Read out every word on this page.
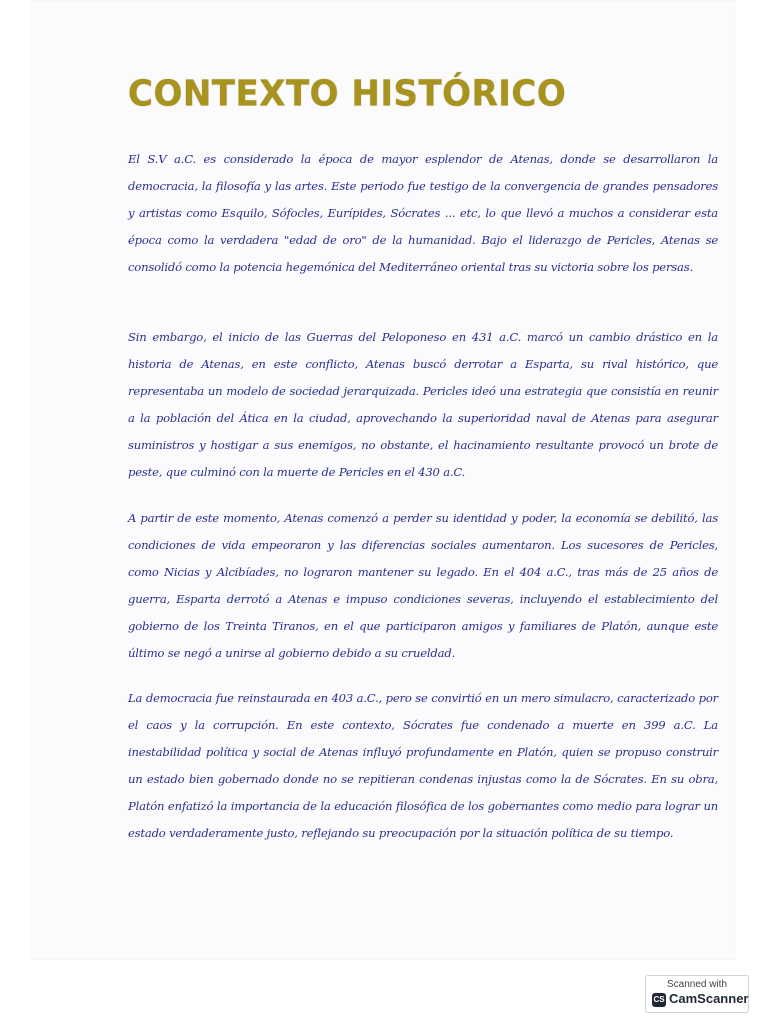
CONTEXTO HISTÓRICO
El S.V a.C. es considerado la época de mayor esplendor de Atenas, donde se desarrollaron la democracia, la filosofía y las artes. Este periodo fue testigo de la convergencia de grandes pensadores y artistas como Esquilo, Sófocles, Eurípides, Sócrates ... etc, lo que llevó a muchos a considerar esta época como la verdadera "edad de oro" de la humanidad. Bajo el liderazgo de Pericles, Atenas se consolidó como la potencia hegemónica del Mediterráneo oriental tras su victoria sobre los persas.
Sin embargo, el inicio de las Guerras del Peloponeso en 431 a.C. marcó un cambio drástico en la historia de Atenas, en este conflicto, Atenas buscó derrotar a Esparta, su rival histórico, que representaba un modelo de sociedad jerarquizada. Pericles ideó una estrategia que consistía en reunir a la población del Ática en la ciudad, aprovechando la superioridad naval de Atenas para asegurar suministros y hostigar a sus enemigos, no obstante, el hacinamiento resultante provocó un brote de peste, que culminó con la muerte de Pericles en el 430 a.C.
A partir de este momento, Atenas comenzó a perder su identidad y poder, la economía se debilitó, las condiciones de vida empeoraron y las diferencias sociales aumentaron. Los sucesores de Pericles, como Nicias y Alcibíades, no lograron mantener su legado. En el 404 a.C., tras más de 25 años de guerra, Esparta derrotó a Atenas e impuso condiciones severas, incluyendo el establecimiento del gobierno de los Treinta Tiranos, en el que participaron amigos y familiares de Platón, aunque este último se negó a unirse al gobierno debido a su crueldad.
La democracia fue reinstaurada en 403 a.C., pero se convirtió en un mero simulacro, caracterizado por el caos y la corrupción. En este contexto, Sócrates fue condenado a muerte en 399 a.C. La inestabilidad política y social de Atenas influyó profundamente en Platón, quien se propuso construir un estado bien gobernado donde no se repitieran condenas injustas como la de Sócrates. En su obra, Platón enfatizó la importancia de la educación filosófica de los gobernantes como medio para lograr un estado verdaderamente justo, reflejando su preocupación por la situación política de su tiempo.
Scanned with
CS CamScanner
